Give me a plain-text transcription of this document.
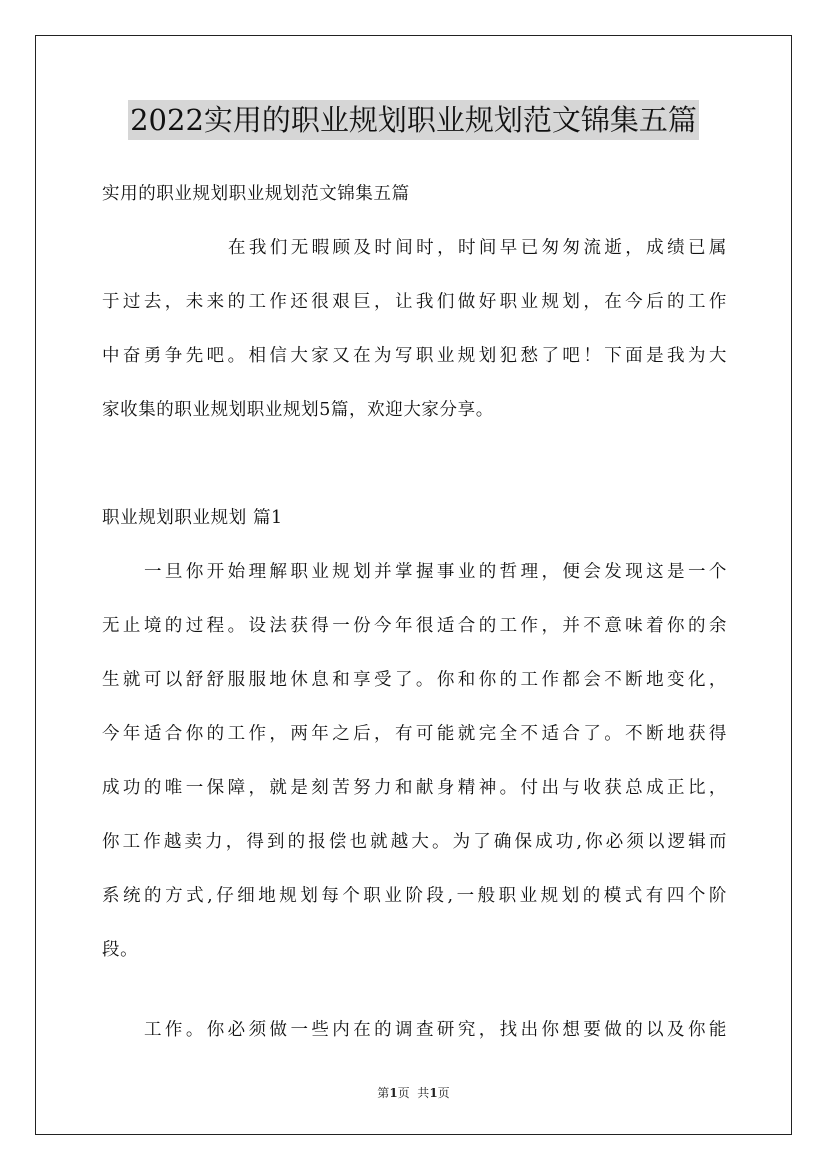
2022实用的职业规划职业规划范文锦集五篇
实用的职业规划职业规划范文锦集五篇
在我们无暇顾及时间时，时间早已匆匆流逝，成绩已属
于过去，未来的工作还很艰巨，让我们做好职业规划，在今后的工作
中奋勇争先吧。相信大家又在为写职业规划犯愁了吧！下面是我为大
家收集的职业规划职业规划5篇，欢迎大家分享。
职业规划职业规划 篇1
一旦你开始理解职业规划并掌握事业的哲理，便会发现这是一个
无止境的过程。设法获得一份今年很适合的工作，并不意味着你的余
生就可以舒舒服服地休息和享受了。你和你的工作都会不断地变化，
今年适合你的工作，两年之后，有可能就完全不适合了。不断地获得
成功的唯一保障，就是刻苦努力和献身精神。付出与收获总成正比，
你工作越卖力，得到的报偿也就越大。为了确保成功,你必须以逻辑而
系统的方式,仔细地规划每个职业阶段,一般职业规划的模式有四个阶
段。
工作。你必须做一些内在的调查研究，找出你想要做的以及你能
第1页  共1页
